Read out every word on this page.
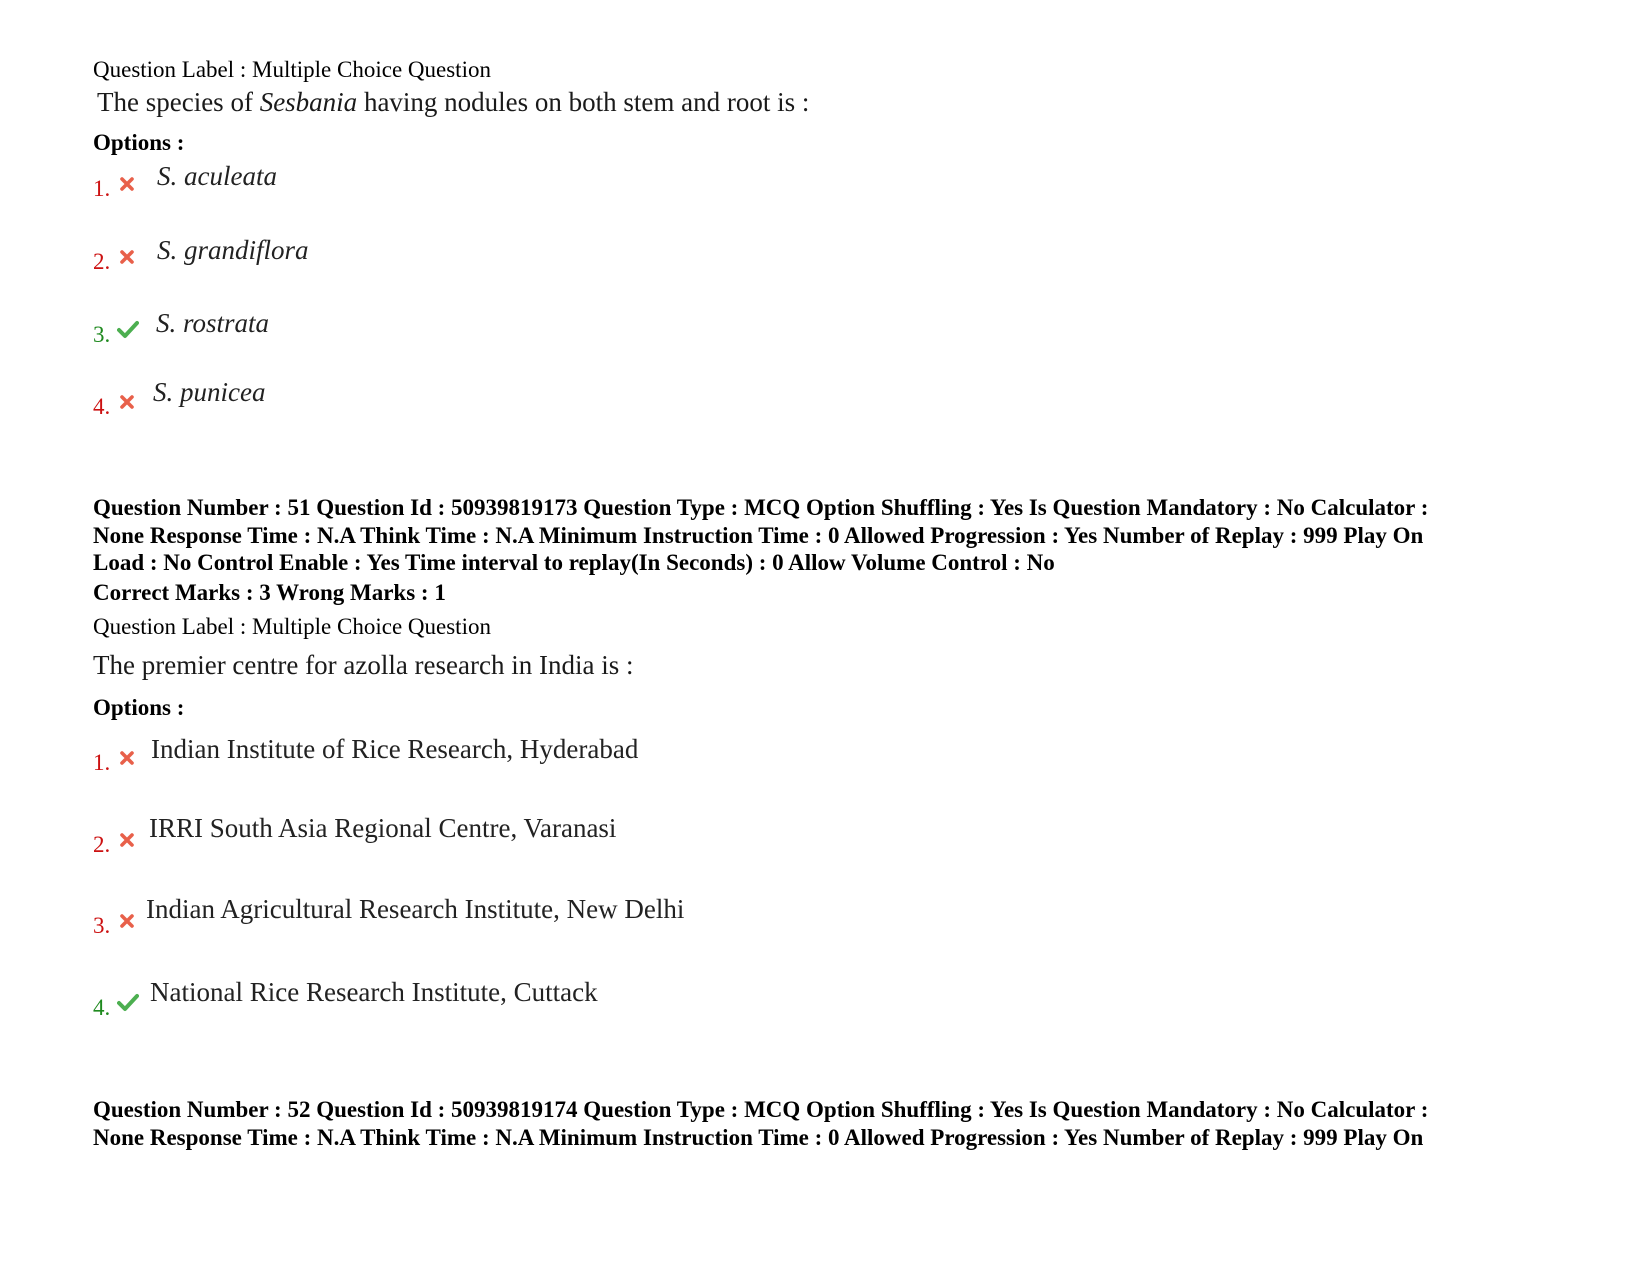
Question Label : Multiple Choice Question
The species of Sesbania having nodules on both stem and root is :
Options :
1. S. aculeata
2. S. grandiflora
3. S. rostrata
4. S. punicea
Question Number : 51 Question Id : 50939819173 Question Type : MCQ Option Shuffling : Yes Is Question Mandatory : No Calculator :
None Response Time : N.A Think Time : N.A Minimum Instruction Time : 0 Allowed Progression : Yes Number of Replay : 999 Play On
Load : No Control Enable : Yes Time interval to replay(In Seconds) : 0 Allow Volume Control : No
Correct Marks : 3 Wrong Marks : 1
Question Label : Multiple Choice Question
The premier centre for azolla research in India is :
Options :
1. Indian Institute of Rice Research, Hyderabad
2.
IRRI South Asia Regional Centre, Varanasi
3.
Indian Agricultural Research Institute, New Delhi
4.
National Rice Research Institute, Cuttack
Question Number : 52 Question Id : 50939819174 Question Type : MCQ Option Shuffling : Yes Is Question Mandatory : No Calculator :
None Response Time : N.A Think Time : N.A Minimum Instruction Time : 0 Allowed Progression : Yes Number of Replay : 999 Play On
